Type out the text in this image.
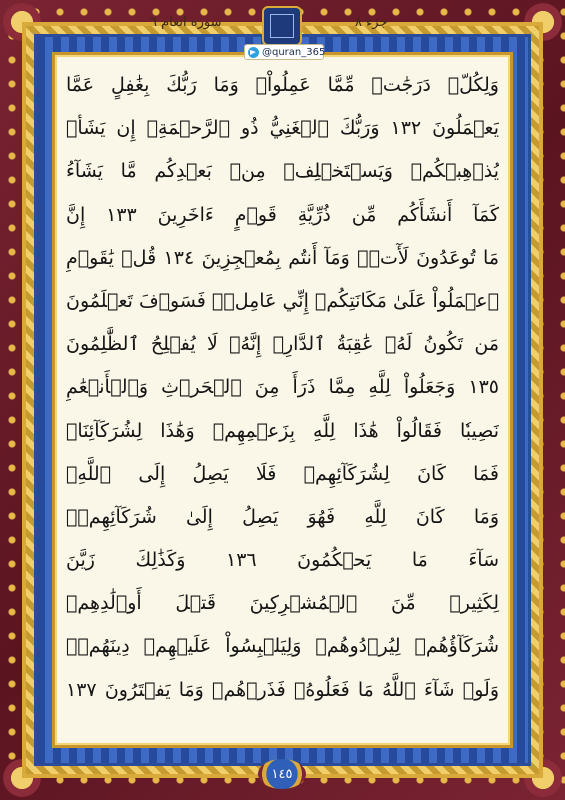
جزء ٨
سوره انعام ٦
@quran_365
وَلِكُلّٖ دَرَجَٰتٞ مِّمَّا عَمِلُواْۚ وَمَا رَبُّكَ بِغَٰفِلٍ عَمَّا
يَعۡمَلُونَ ١٣٢ وَرَبُّكَ ٱلۡغَنِيُّ ذُو ٱلرَّحۡمَةِۚ إِن يَشَأۡ
يُذۡهِبۡكُمۡ وَيَسۡتَخۡلِفۡ مِنۢ بَعۡدِكُم مَّا يَشَآءُ
كَمَآ أَنشَأَكُم مِّن ذُرِّيَّةِ قَوۡمٍ ءَاخَرِينَ ١٣٣ إِنَّ
مَا تُوعَدُونَ لَأٓتٖۖ وَمَآ أَنتُم بِمُعۡجِزِينَ ١٣٤ قُلۡ يَٰقَوۡمِ
ٱعۡمَلُواْ عَلَىٰ مَكَانَتِكُمۡ إِنِّي عَامِلٞۖ فَسَوۡفَ تَعۡلَمُونَ
مَن تَكُونُ لَهُۥ عَٰقِبَةُ ٱلدَّارِۚ إِنَّهُۥ لَا يُفۡلِحُ ٱلظَّٰلِمُونَ
١٣٥ وَجَعَلُواْ لِلَّهِ مِمَّا ذَرَأَ مِنَ ٱلۡحَرۡثِ وَٱلۡأَنۡعَٰمِ
نَصِيبٗا فَقَالُواْ هَٰذَا لِلَّهِ بِزَعۡمِهِمۡ وَهَٰذَا لِشُرَكَآئِنَاۖ
فَمَا كَانَ لِشُرَكَآئِهِمۡ فَلَا يَصِلُ إِلَى ٱللَّهِۖ
وَمَا كَانَ لِلَّهِ فَهُوَ يَصِلُ إِلَىٰ شُرَكَآئِهِمۡۗ
سَآءَ مَا يَحۡكُمُونَ ١٣٦ وَكَذَٰلِكَ زَيَّنَ
لِكَثِيرٖ مِّنَ ٱلۡمُشۡرِكِينَ قَتۡلَ أَوۡلَٰدِهِمۡ
شُرَكَآؤُهُمۡ لِيُرۡدُوهُمۡ وَلِيَلۡبِسُواْ عَلَيۡهِمۡ دِينَهُمۡۖ
وَلَوۡ شَآءَ ٱللَّهُ مَا فَعَلُوهُۖ فَذَرۡهُمۡ وَمَا يَفۡتَرُونَ ١٣٧
١٤٥
